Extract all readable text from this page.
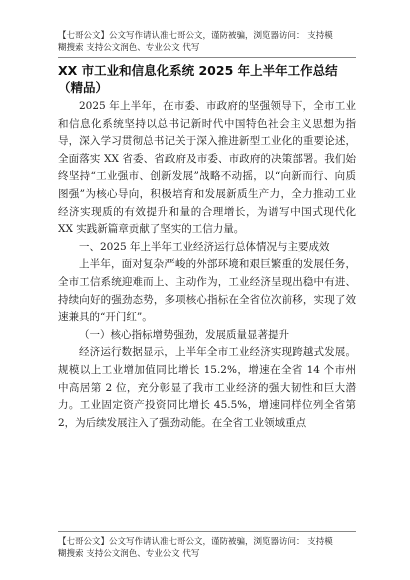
【七哥公文】公文写作请认准七哥公文，谨防被骗，浏览器访问： 支持模
糊搜索 支持公文润色、专业公文 代写
XX 市工业和信息化系统 2025 年上半年工作总结（精品）

2025 年上半年，在市委、市政府的坚强领导下，全市工业和信息化系统坚持以总书记新时代中国特色社会主义思想为指导，深入学习贯彻总书记关于深入推进新型工业化的重要论述，全面落实 XX 省委、省政府及市委、市政府的决策部署。我们始终坚持“工业强市、创新发展”战略不动摇，以“向新而行、向质图强”为核心导向，积极培育和发展新质生产力，全力推动工业经济实现质的有效提升和量的合理增长，为谱写中国式现代化 XX 实践新篇章贡献了坚实的工信力量。

一、2025 年上半年工业经济运行总体情况与主要成效

上半年，面对复杂严峻的外部环境和艰巨繁重的发展任务，全市工信系统迎难而上、主动作为，工业经济呈现出稳中有进、持续向好的强劲态势，多项核心指标在全省位次前移，实现了效速兼具的“开门红”。

（一）核心指标增势强劲，发展质量显著提升

经济运行数据显示，上半年全市工业经济实现跨越式发展。规模以上工业增加值同比增长 15.2%，增速在全省 14 个市州中高居第 2 位，充分彰显了我市工业经济的强大韧性和巨大潜力。工业固定资产投资同比增长 45.5%，增速同样位列全省第 2，为后续发展注入了强劲动能。在全省工业领域重点

【七哥公文】公文写作请认准七哥公文，谨防被骗，浏览器访问： 支持模
糊搜索 支持公文润色、专业公文 代写
